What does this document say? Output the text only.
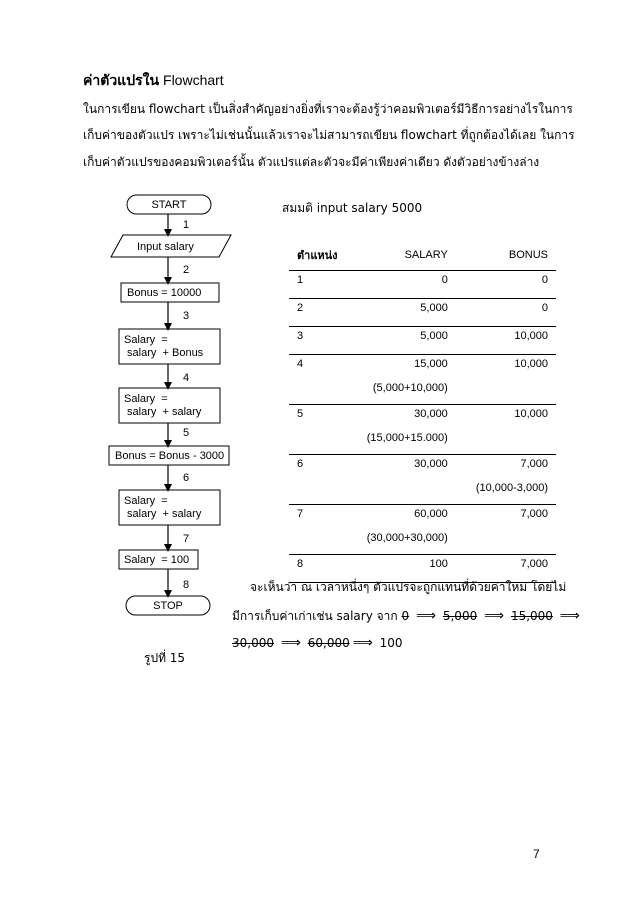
ค่าตัวแปรใน Flowchart
ในการเขียน flowchart เป็นสิ่งสำคัญอย่างยิ่งที่เราจะต้องรู้ว่าคอมพิวเตอร์มีวิธีการอย่างไรในการ
เก็บค่าของตัวแปร เพราะไม่เช่นนั้นแล้วเราจะไม่สามารถเขียน flowchart ที่ถูกต้องได้เลย ในการ
เก็บค่าตัวแปรของคอมพิวเตอร์นั้น ตัวแปรแต่ละตัวจะมีค่าเพียงค่าเดียว ดังตัวอย่างข้างล่าง
START
Input salary
Bonus = 10000
Salary  =
salary  + Bonus
Salary  =
salary  + salary
Bonus = Bonus - 3000
Salary  =
salary  + salary
Salary  = 100
STOP
1
2
3
4
5
6
7
8
สมมติ input salary 5000
ตำแหน่ง	SALARY	BONUS
1	0	0
2	5,000	0
3	5,000	10,000
4	15,000	10,000
	(5,000+10,000)	
5	30,000	10,000
	(15,000+15.000)	
6	30,000	7,000
		(10,000-3,000)
7	60,000	7,000
	(30,000+30,000)	
8	100	7,000
จะเห็นว่า ณ เวลาหนึ่งๆ ตัวแปรจะถูกแทนที่ด้วยค่าใหม่ โดยไม่
มีการเก็บค่าเก่าเช่น salary จาก 0 ⟹ 5,000 ⟹ 15,000 ⟹
30,000 ⟹ 60,000 ⟹ 100
รูปที่ 15
7
